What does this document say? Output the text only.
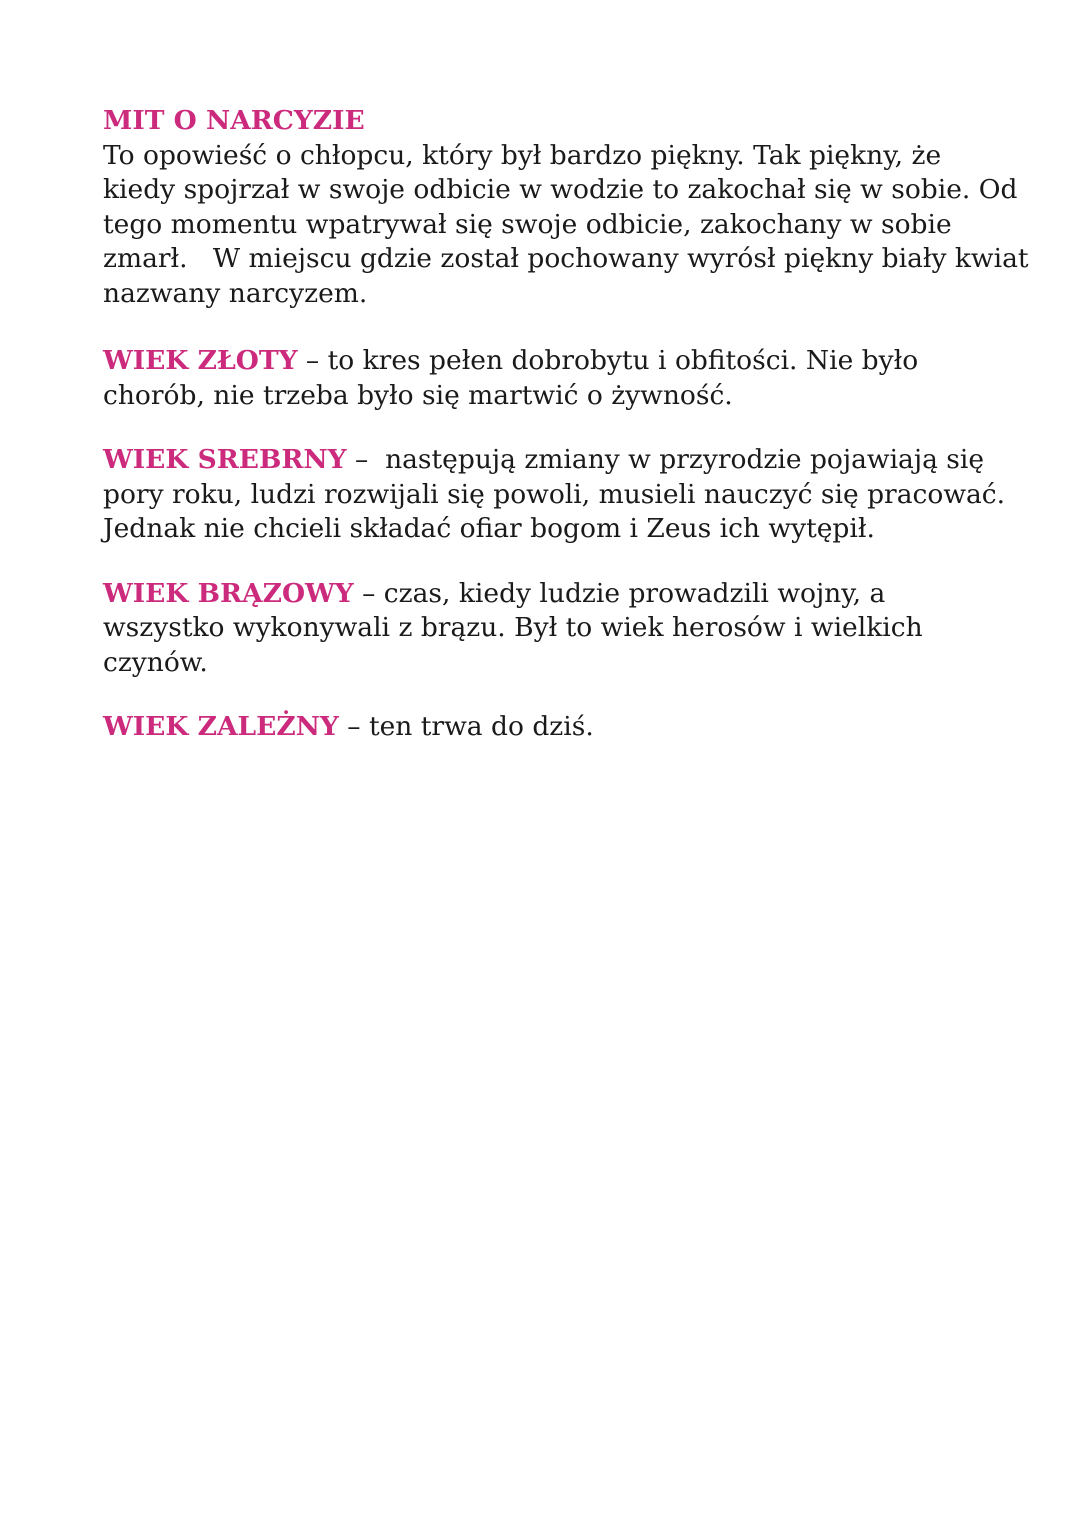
MIT O NARCYZIE
To opowieść o chłopcu, który był bardzo piękny. Tak piękny, że
kiedy spojrzał w swoje odbicie w wodzie to zakochał się w sobie. Od
tego momentu wpatrywał się swoje odbicie, zakochany w sobie
zmarł.   W miejscu gdzie został pochowany wyrósł piękny biały kwiat
nazwany narcyzem.
WIEK ZŁOTY – to kres pełen dobrobytu i obfitości. Nie było
chorób, nie trzeba było się martwić o żywność.
WIEK SREBRNY –  następują zmiany w przyrodzie pojawiają się
pory roku, ludzi rozwijali się powoli, musieli nauczyć się pracować.
Jednak nie chcieli składać ofiar bogom i Zeus ich wytępił.
WIEK BRĄZOWY – czas, kiedy ludzie prowadzili wojny, a
wszystko wykonywali z brązu. Był to wiek herosów i wielkich
czynów.
WIEK ZALEŻNY – ten trwa do dziś.
